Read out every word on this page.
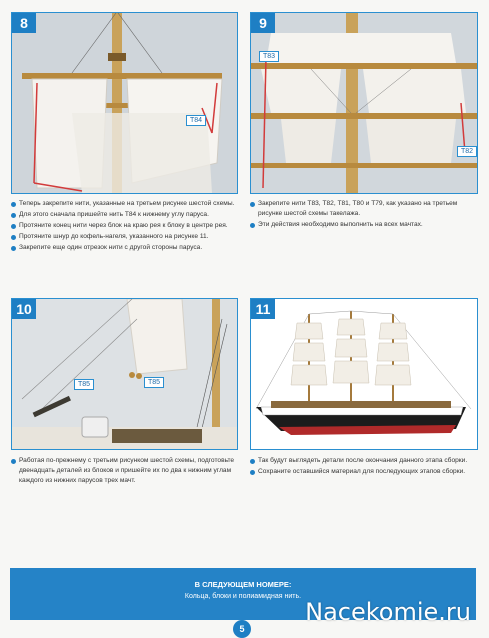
8
T84
9
T83
T82
Теперь закрепите нити, указанные на третьем рисунке шестой схемы.
Для этого сначала пришейте нить Т84 к нижнему углу паруса.
Протяните конец нити через блок на краю рея к блоку в центре рея.
Протяните шнур до кофель-нагеля, указанного на рисунке 11.
Закрепите еще один отрезок нити с другой стороны паруса.
Закрепите нити Т83, Т82, Т81, Т80 и Т79, как указано на третьем рисунке шестой схемы такелажа.
Эти действия необходимо выполнить на всех мачтах.
10
T85	T85
11
Работая по-прежнему с третьим рисунком шестой схемы, подготовьте двенадцать деталей из блоков и пришейте их по два к нижним углам каждого из нижних парусов трех мачт.
Так будут выглядеть детали после окончания данного этапа сборки.
Сохраните оставшийся материал для последующих этапов сборки.
В СЛЕДУЮЩЕМ НОМЕРЕ:
Кольца, блоки и полиамидная нить.
Nacekomie.ru
5
